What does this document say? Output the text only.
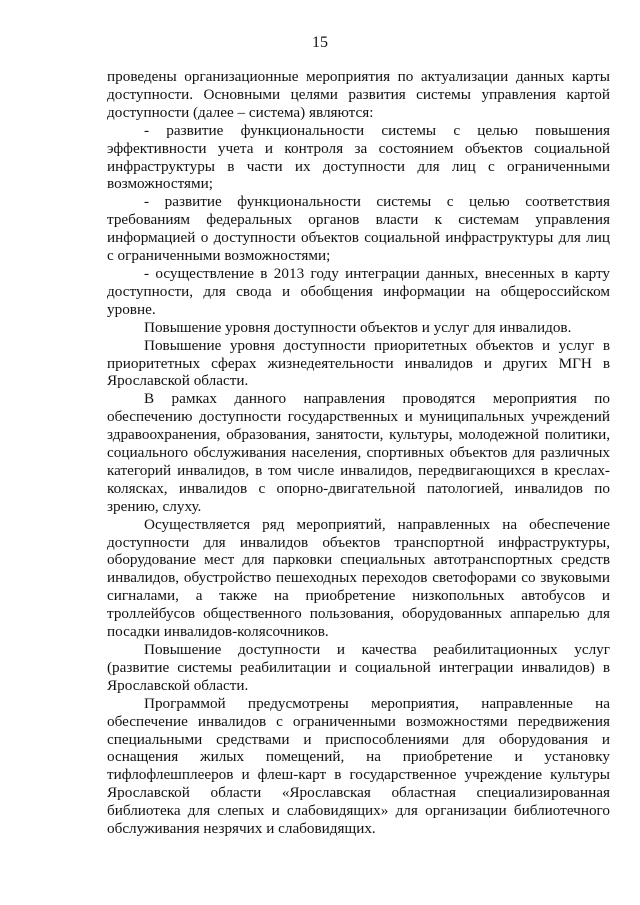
15

проведены организационные мероприятия по актуализации данных карты доступности. Основными целями развития системы управления картой доступности (далее – система) являются:

- развитие функциональности системы с целью повышения эффективности учета и контроля за состоянием объектов социальной инфраструктуры в части их доступности для лиц с ограниченными возможностями;

- развитие функциональности системы с целью соответствия требованиям федеральных органов власти к системам управления информацией о доступности объектов социальной инфраструктуры для лиц с ограниченными возможностями;

- осуществление в 2013 году интеграции данных, внесенных в карту доступности, для свода и обобщения информации на общероссийском уровне.

Повышение уровня доступности объектов и услуг для инвалидов.

Повышение уровня доступности приоритетных объектов и услуг в приоритетных сферах жизнедеятельности инвалидов и других МГН в Ярославской области.

В рамках данного направления проводятся мероприятия по обеспечению доступности государственных и муниципальных учреждений здравоохранения, образования, занятости, культуры, молодежной политики, социального обслуживания населения, спортивных объектов для различных категорий инвалидов, в том числе инвалидов, передвигающихся в креслах-колясках, инвалидов с опорно-двигательной патологией, инвалидов по зрению, слуху.

Осуществляется ряд мероприятий, направленных на обеспечение доступности для инвалидов объектов транспортной инфраструктуры, оборудование мест для парковки специальных автотранспортных средств инвалидов, обустройство пешеходных переходов светофорами со звуковыми сигналами, а также на приобретение низкопольных автобусов и троллейбусов общественного пользования, оборудованных аппарелью для посадки инвалидов-колясочников.

Повышение доступности и качества реабилитационных услуг (развитие системы реабилитации и социальной интеграции инвалидов) в Ярославской области.

Программой предусмотрены мероприятия, направленные на обеспечение инвалидов с ограниченными возможностями передвижения специальными средствами и приспособлениями для оборудования и оснащения жилых помещений, на приобретение и установку тифлофлешплееров и флеш-карт в государственное учреждение культуры Ярославской области «Ярославская областная специализированная библиотека для слепых и слабовидящих» для организации библиотечного обслуживания незрячих и слабовидящих.
